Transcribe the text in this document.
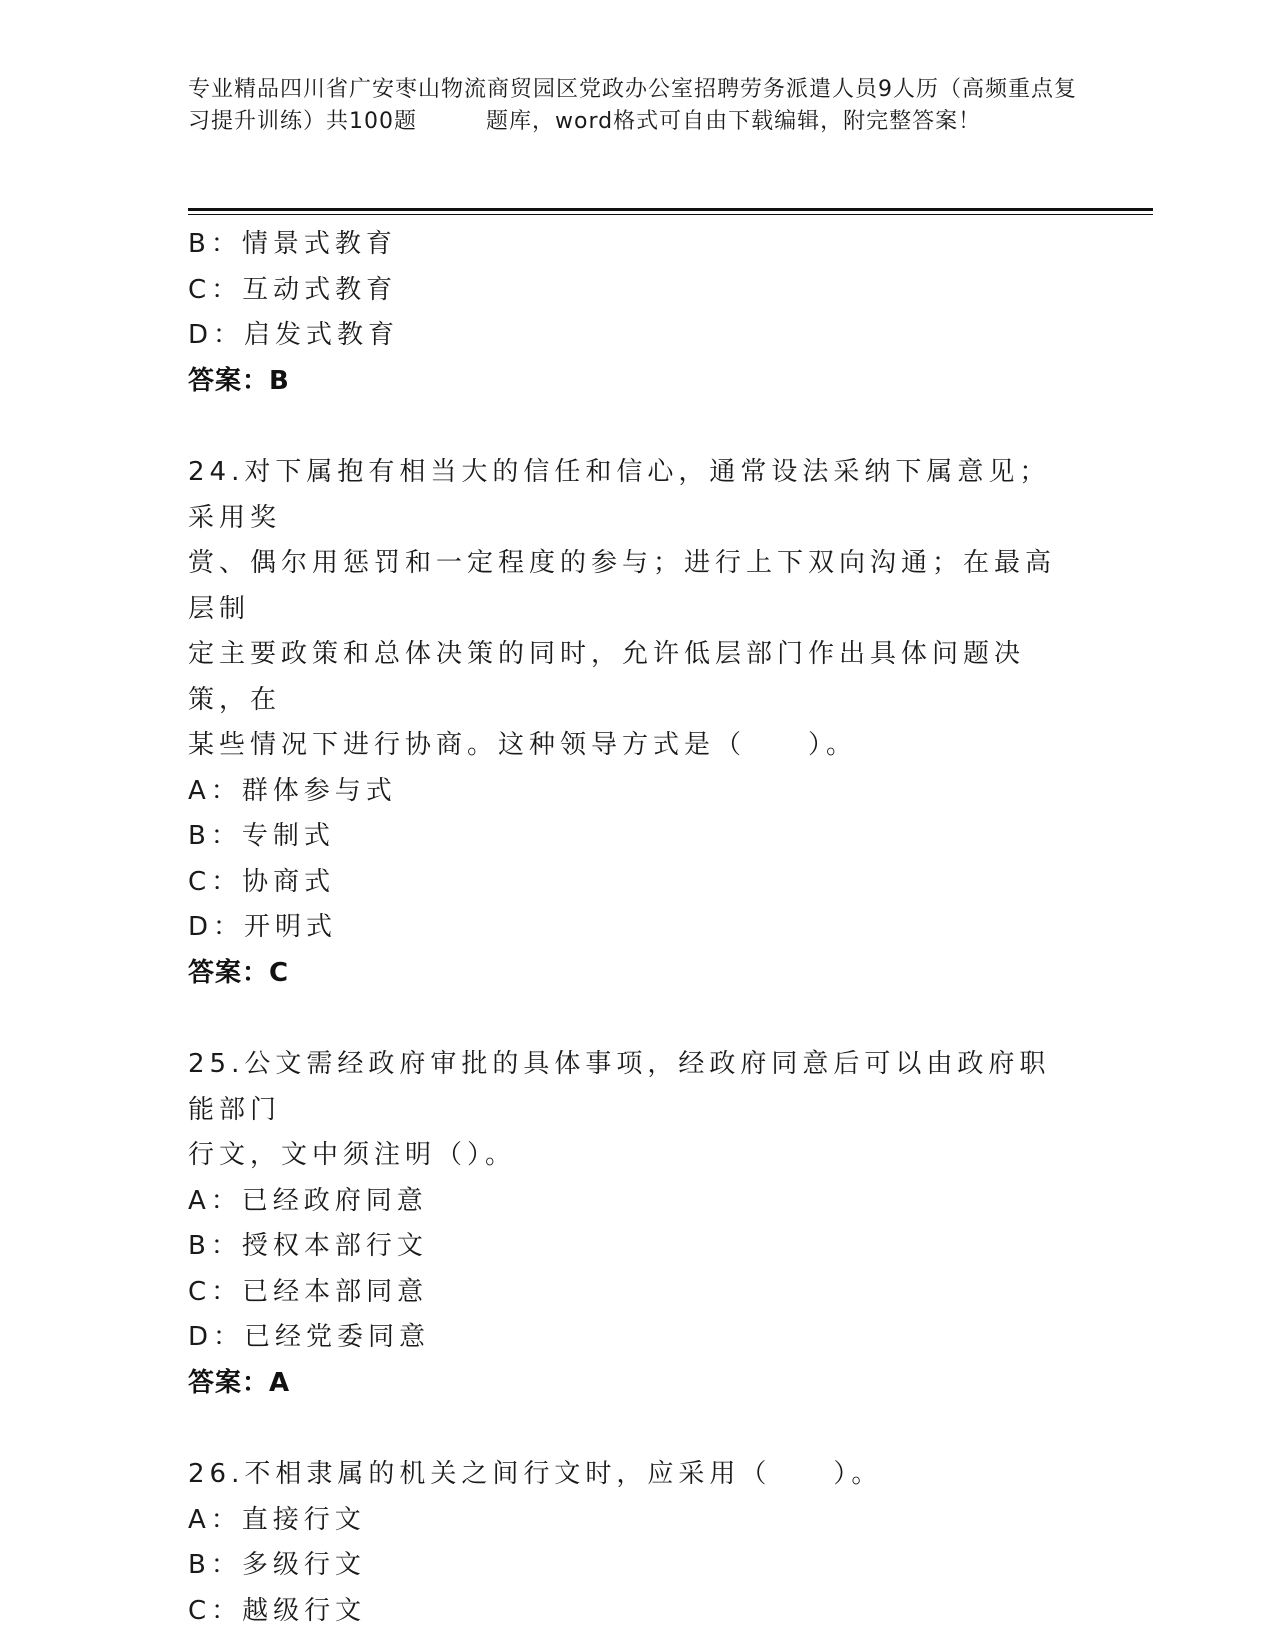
专业精品四川省广安枣山物流商贸园区党政办公室招聘劳务派遣人员9人历（高频重点复习提升训练）共100题　　　题库，word格式可自由下载编辑，附完整答案！
B：情景式教育
C：互动式教育
D：启发式教育
答案：B
24.对下属抱有相当大的信任和信心，通常设法采纳下属意见；采用奖
赏、偶尔用惩罚和一定程度的参与；进行上下双向沟通；在最高层制
定主要政策和总体决策的同时，允许低层部门作出具体问题决策，在
某些情况下进行协商。这种领导方式是（　　）。
A：群体参与式
B：专制式
C：协商式
D：开明式
答案：C
25.公文需经政府审批的具体事项，经政府同意后可以由政府职能部门
行文，文中须注明（）。
A：已经政府同意
B：授权本部行文
C：已经本部同意
D：已经党委同意
答案：A
26.不相隶属的机关之间行文时，应采用（　　）。
A：直接行文
B：多级行文
C：越级行文
